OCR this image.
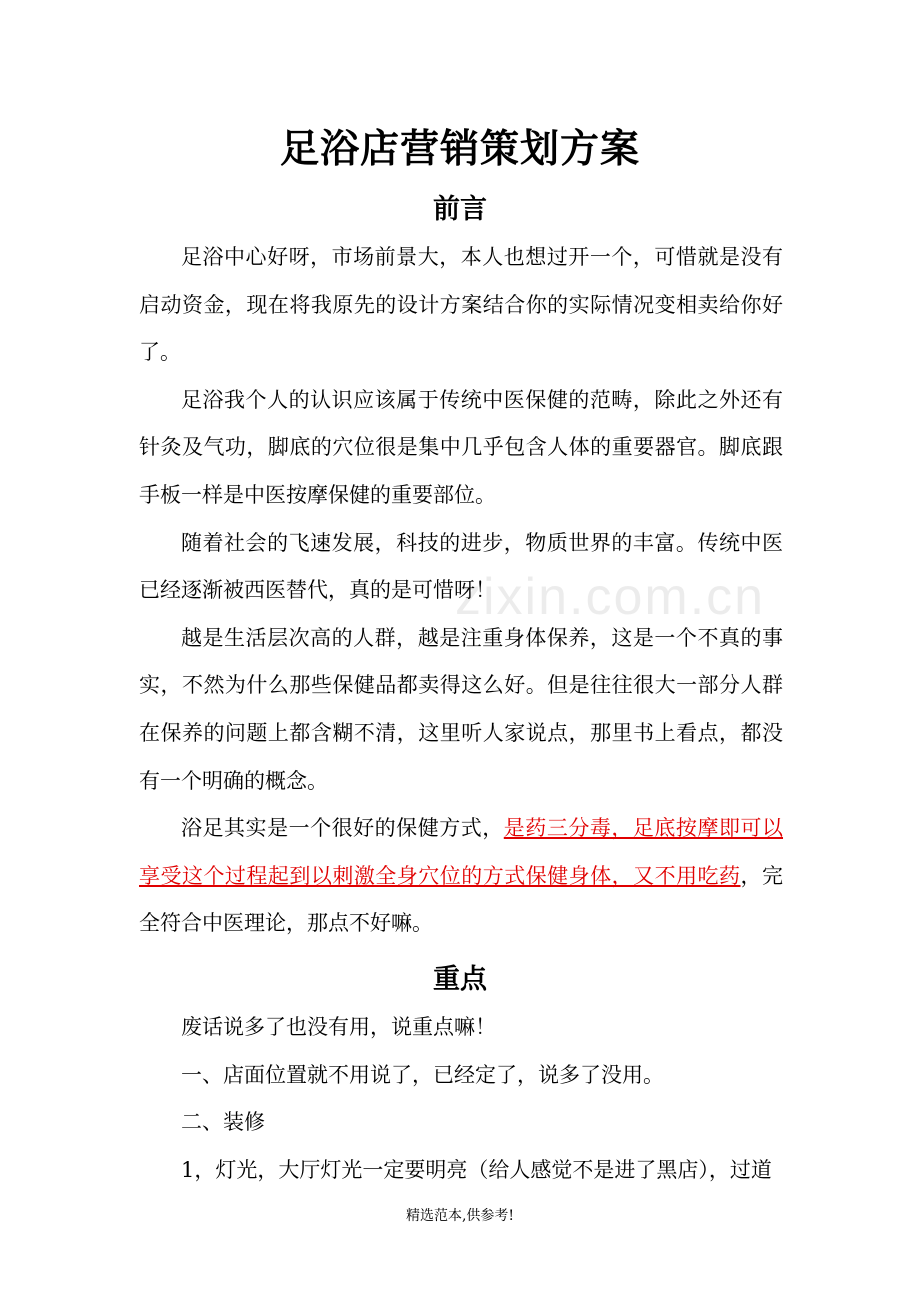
zixin.com.cn
足浴店营销策划方案
前言

足浴中心好呀，市场前景大，本人也想过开一个，可惜就是没有启动资金，现在将我原先的设计方案结合你的实际情况变相卖给你好了。

足浴我个人的认识应该属于传统中医保健的范畴，除此之外还有针灸及气功，脚底的穴位很是集中几乎包含人体的重要器官。脚底跟手板一样是中医按摩保健的重要部位。

随着社会的飞速发展，科技的进步，物质世界的丰富。传统中医已经逐渐被西医替代，真的是可惜呀！

越是生活层次高的人群，越是注重身体保养，这是一个不真的事实，不然为什么那些保健品都卖得这么好。但是往往很大一部分人群在保养的问题上都含糊不清，这里听人家说点，那里书上看点，都没有一个明确的概念。

浴足其实是一个很好的保健方式，是药三分毒，足底按摩即可以享受这个过程起到以刺激全身穴位的方式保健身体，又不用吃药，完全符合中医理论，那点不好嘛。

重点

废话说多了也没有用，说重点嘛！

一、店面位置就不用说了，已经定了，说多了没用。

二、装修

1，灯光，大厅灯光一定要明亮（给人感觉不是进了黑店），过道

精选范本,供参考!
